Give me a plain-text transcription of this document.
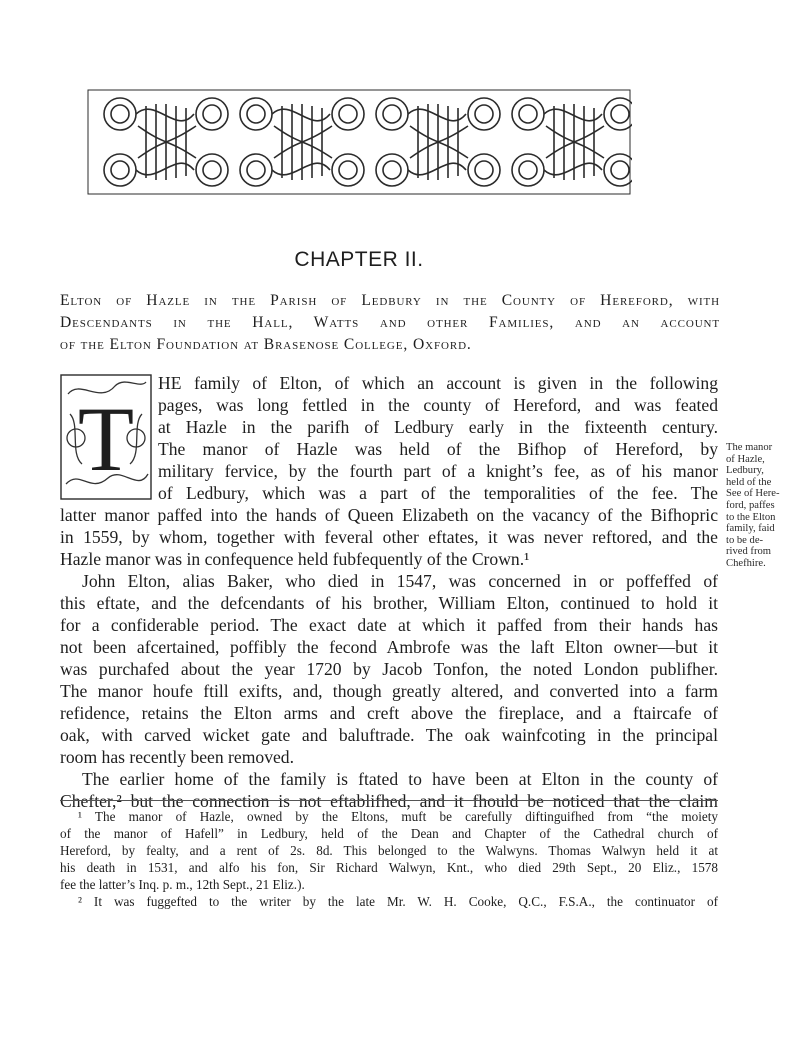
CHAPTER II.
Elton of Hazle in the Parish of Ledbury in the County of Hereford, with
Descendants in the Hall, Watts and other Families, and an account
of the Elton Foundation at Brasenose College, Oxford.
T
HE family of Elton, of which an account is given in the following
pages, was long fettled in the county of Hereford, and was feated
at Hazle in the parifh of Ledbury early in the fixteenth century.
The manor of Hazle was held of the Bifhop of Hereford, by
military fervice, by the fourth part of a knight’s fee, as of his manor
of Ledbury, which was a part of the temporalities of the fee. The
latter manor paffed into the hands of Queen Elizabeth on the vacancy of the Bifhopric
in 1559, by whom, together with feveral other eftates, it was never reftored, and the
Hazle manor was in confequence held fubfequently of the Crown.¹
John Elton, alias Baker, who died in 1547, was concerned in or poffeffed of
this eftate, and the defcendants of his brother, William Elton, continued to hold it
for a confiderable period. The exact date at which it paffed from their hands has
not been afcertained, poffibly the fecond Ambrofe was the laft Elton owner—but it
was purchafed about the year 1720 by Jacob Tonfon, the noted London publifher.
The manor houfe ftill exifts, and, though greatly altered, and converted into a farm
refidence, retains the Elton arms and creft above the fireplace, and a ftaircafe of
oak, with carved wicket gate and baluftrade. The oak wainfcoting in the principal
room has recently been removed.
The earlier home of the family is ftated to have been at Elton in the county of
Chefter,² but the connection is not eftablifhed, and it fhould be noticed that the claim
The manor
of Hazle,
Ledbury,
held of the
See of Here-
ford, paffes
to the Elton
family, faid
to be de-
rived from
Chefhire.
¹ The manor of Hazle, owned by the Eltons, muft be carefully diftinguifhed from “the moiety
of the manor of Hafell” in Ledbury, held of the Dean and Chapter of the Cathedral church of
Hereford, by fealty, and a rent of 2s. 8d. This belonged to the Walwyns. Thomas Walwyn held it at
his death in 1531, and alfo his fon, Sir Richard Walwyn, Knt., who died 29th Sept., 20 Eliz., 1578
fee the latter’s Inq. p. m., 12th Sept., 21 Eliz.).
² It was fuggefted to the writer by the late Mr. W. H. Cooke, Q.C., F.S.A., the continuator of
